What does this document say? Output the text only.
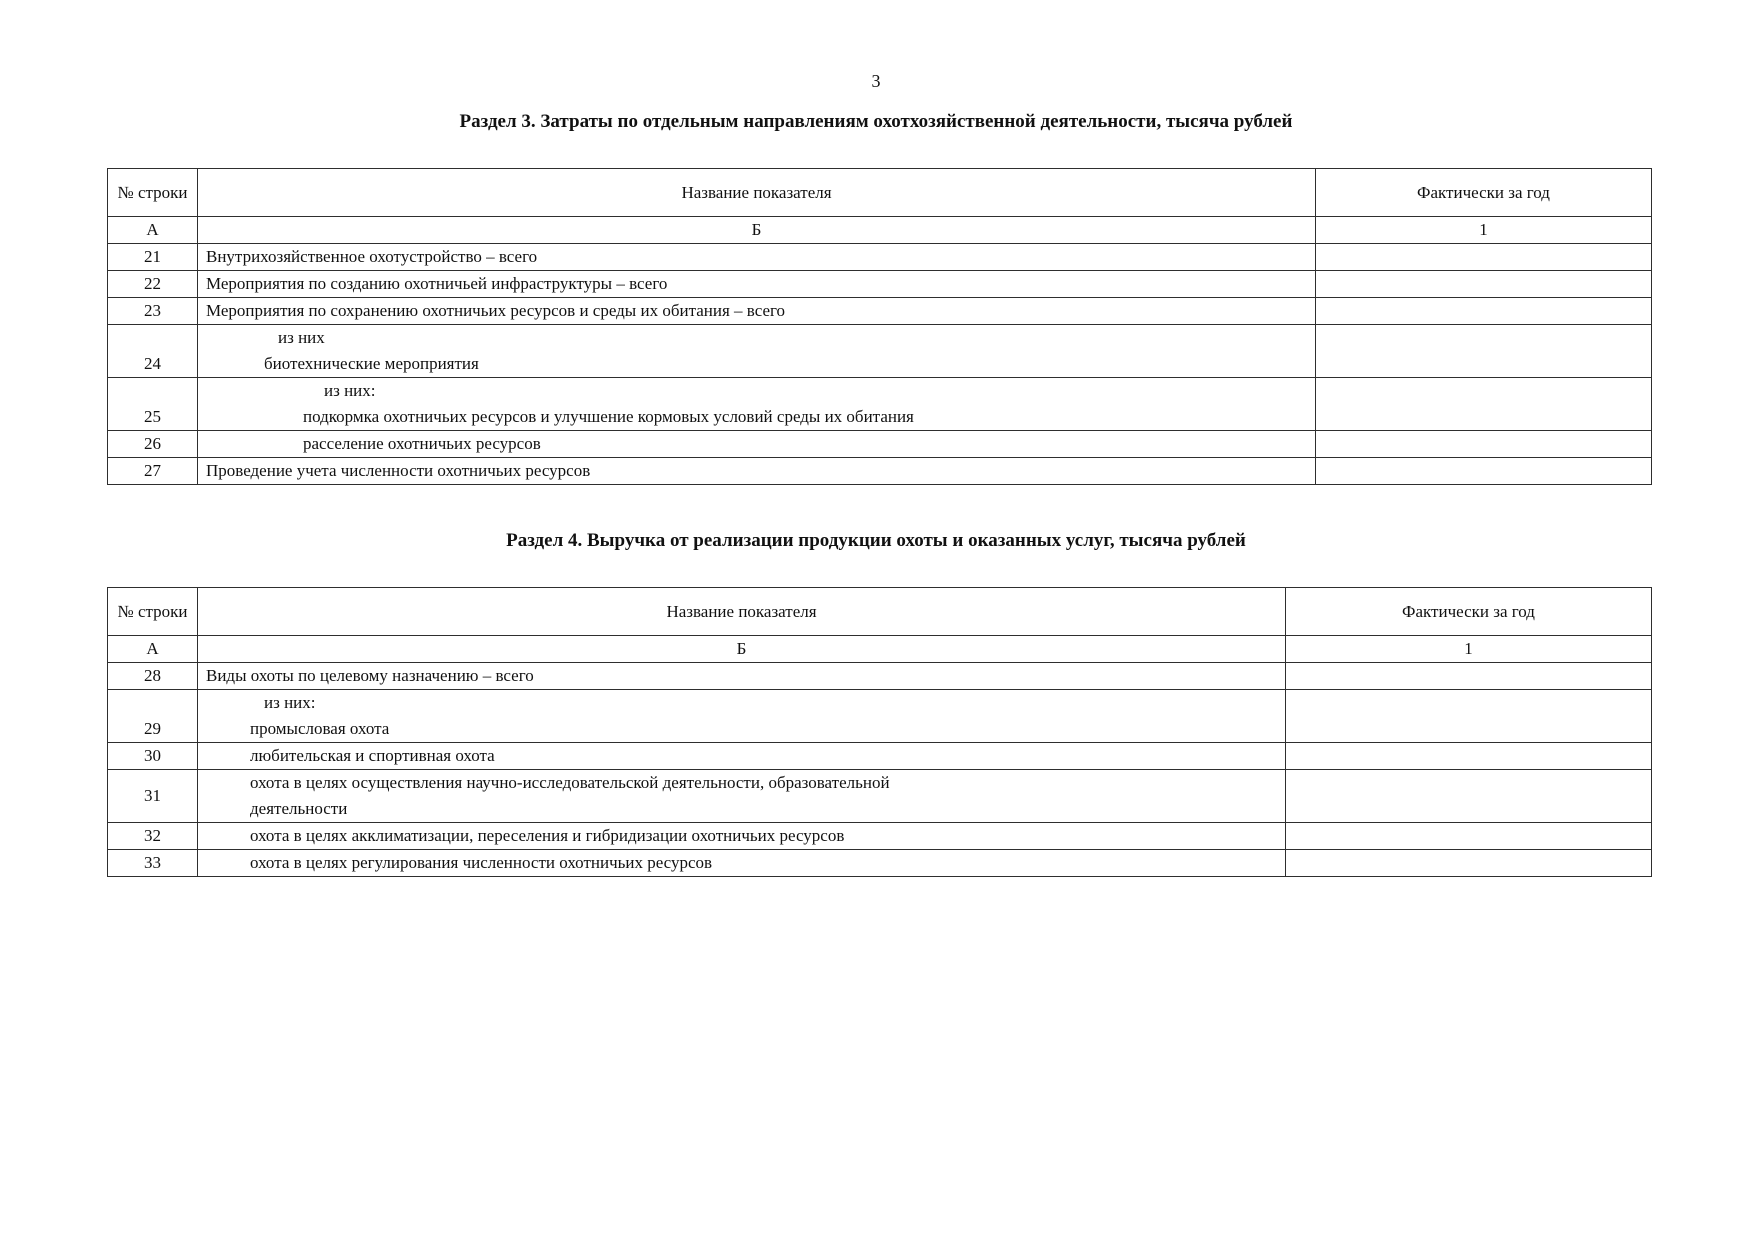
3
Раздел 3. Затраты по отдельным направлениям охотхозяйственной деятельности, тысяча рублей
№ строки	Название показателя	Фактически за год
А	Б	1
21	Внутрихозяйственное охотустройство – всего	

22	Мероприятия по созданию охотничьей инфраструктуры – всего	

23	Мероприятия по сохранению охотничьих ресурсов и среды их обитания – всего	

24	из них
биотехнические мероприятия	

25	из них:
подкормка охотничьих ресурсов и улучшение кормовых условий среды их обитания	

26	расселение охотничьих ресурсов	

27	Проведение учета численности охотничьих ресурсов	

Раздел 4. Выручка от реализации продукции охоты и оказанных услуг, тысяча рублей
№ строки	Название показателя	Фактически за год
А	Б	1
28	Виды охоты по целевому назначению – всего	

29	из них:
промысловая охота	

30	любительская и спортивная охота	

31	охота в целях осуществления научно-исследовательской деятельности, образовательной
деятельности	

32	охота в целях акклиматизации, переселения и гибридизации охотничьих ресурсов	

33	охота в целях регулирования численности охотничьих ресурсов	
